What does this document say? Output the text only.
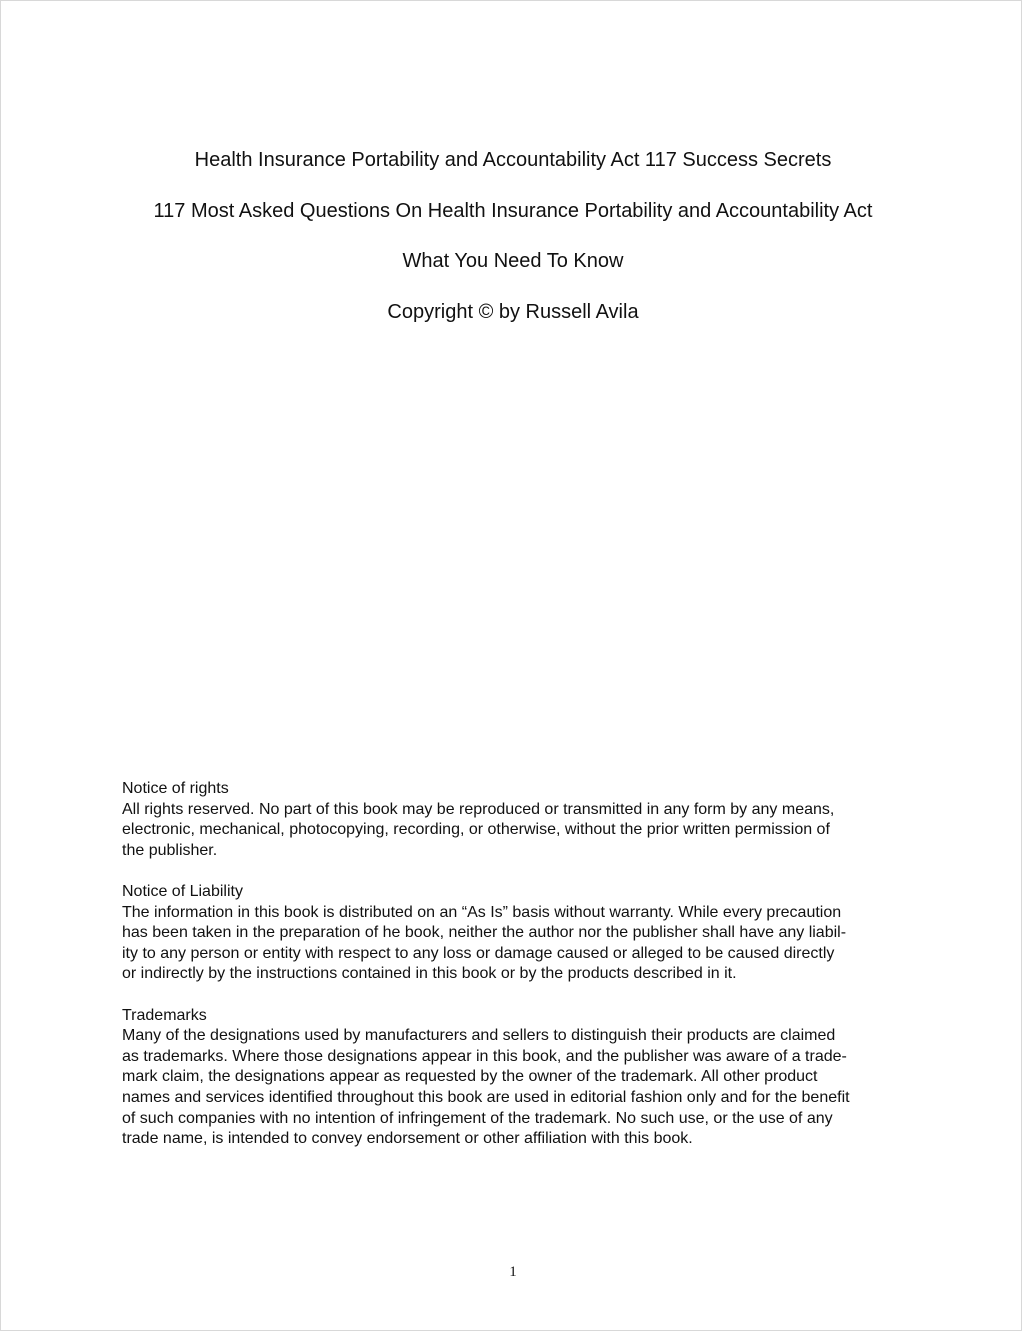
Health Insurance Portability and Accountability Act 117 Success Secrets

117 Most Asked Questions On Health Insurance Portability and Accountability Act

What You Need To Know

Copyright © by Russell Avila

Notice of rights

All rights reserved. No part of this book may be reproduced or transmitted in any form by any means,

electronic, mechanical, photocopying, recording, or otherwise, without the prior written permission of

the publisher.

Notice of Liability

The information in this book is distributed on an “As Is” basis without warranty. While every precaution

has been taken in the preparation of he book, neither the author nor the publisher shall have any liabil-

ity to any person or entity with respect to any loss or damage caused or alleged to be caused directly

or indirectly by the instructions contained in this book or by the products described in it.

Trademarks

Many of the designations used by manufacturers and sellers to distinguish their products are claimed

as trademarks. Where those designations appear in this book, and the publisher was aware of a trade-

mark claim, the designations appear as requested by the owner of the trademark. All other product

names and services identified throughout this book are used in editorial fashion only and for the benefit

of such companies with no intention of infringement of the trademark. No such use, or the use of any

trade name, is intended to convey endorsement or other affiliation with this book.

1
